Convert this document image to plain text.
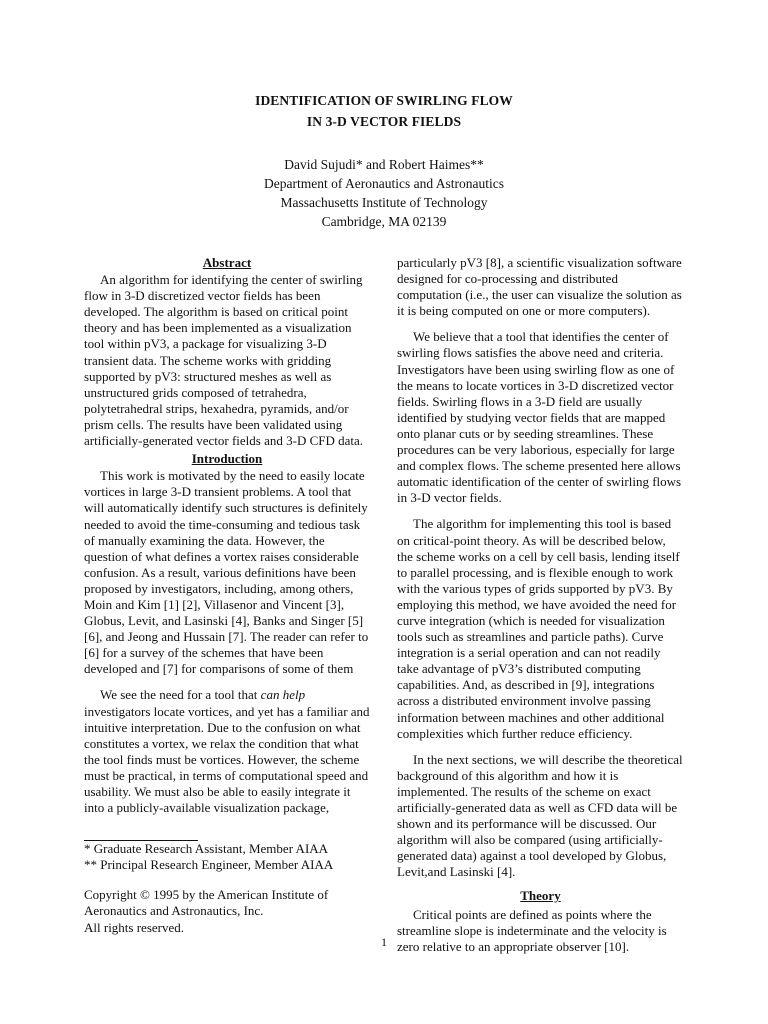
IDENTIFICATION OF SWIRLING FLOW
IN 3-D VECTOR FIELDS
David Sujudi* and Robert Haimes**
Department of Aeronautics and Astronautics
Massachusetts Institute of Technology
Cambridge, MA 02139
Abstract

An algorithm for identifying the center of swirling flow in 3-D discretized vector fields has been developed. The algorithm is based on critical point theory and has been implemented as a visualization tool within pV3, a package for visualizing 3-D transient data. The scheme works with gridding supported by pV3: structured meshes as well as unstructured grids composed of tetrahedra, polytetrahedral strips, hexahedra, pyramids, and/or prism cells. The results have been validated using artificially-generated vector fields and 3-D CFD data.

Introduction

This work is motivated by the need to easily locate vortices in large 3-D transient problems. A tool that will automatically identify such structures is definitely needed to avoid the time-consuming and tedious task of manually examining the data. However, the question of what defines a vortex raises considerable confusion. As a result, various definitions have been proposed by investigators, including, among others, Moin and Kim [1] [2], Villasenor and Vincent [3], Globus, Levit, and Lasinski [4], Banks and Singer [5] [6], and Jeong and Hussain [7]. The reader can refer to [6] for a survey of the schemes that have been developed and [7] for comparisons of some of them

We see the need for a tool that can help investigators locate vortices, and yet has a familiar and intuitive interpretation. Due to the confusion on what constitutes a vortex, we relax the condition that what the tool finds must be vortices. However, the scheme must be practical, in terms of computational speed and usability. We must also be able to easily integrate it into a publicly-available visualization package,

* Graduate Research Assistant, Member AIAA

** Principal Research Engineer, Member AIAA

Copyright © 1995 by the American Institute of

Aeronautics and Astronautics, Inc.

All rights reserved.

particularly pV3 [8], a scientific visualization software designed for co-processing and distributed computation (i.e., the user can visualize the solution as it is being computed on one or more computers).

We believe that a tool that identifies the center of swirling flows satisfies the above need and criteria. Investigators have been using swirling flow as one of the means to locate vortices in 3-D discretized vector fields. Swirling flows in a 3-D field are usually identified by studying vector fields that are mapped onto planar cuts or by seeding streamlines. These procedures can be very laborious, especially for large and complex flows. The scheme presented here allows automatic identification of the center of swirling flows in 3-D vector fields.

The algorithm for implementing this tool is based on critical-point theory. As will be described below, the scheme works on a cell by cell basis, lending itself to parallel processing, and is flexible enough to work with the various types of grids supported by pV3. By employing this method, we have avoided the need for curve integration (which is needed for visualization tools such as streamlines and particle paths). Curve integration is a serial operation and can not readily take advantage of pV3’s distributed computing capabilities. And, as described in [9], integrations across a distributed environment involve passing information between machines and other additional complexities which further reduce efficiency.

In the next sections, we will describe the theoretical background of this algorithm and how it is implemented. The results of the scheme on exact artificially-generated data as well as CFD data will be shown and its performance will be discussed. Our algorithm will also be compared (using artificially-generated data) against a tool developed by Globus, Levit,and Lasinski [4].

Theory

Critical points are defined as points where the streamline slope is indeterminate and the velocity is zero relative to an appropriate observer [10].

1
